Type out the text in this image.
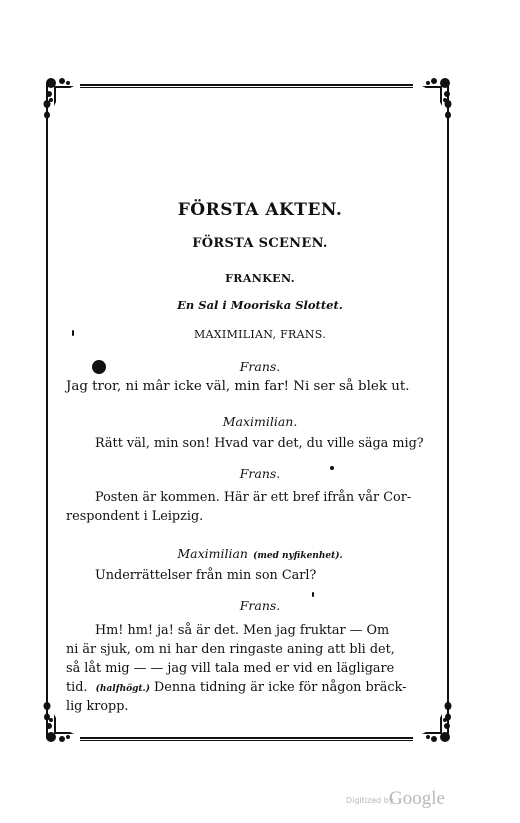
FÖRSTA AKTEN.
FÖRSTA SCENEN.
FRANKEN.
En Sal i Mooriska Slottet.
MAXIMILIAN, FRANS.
Frans.
Jag tror, ni mâr icke väl, min far! Ni ser så blek ut.
Maximilian.
Rätt väl, min son! Hvad var det, du ville säga mig?
Frans.
Posten är kommen. Här är ett bref ifrån vår Cor-
respondent i Leipzig.
Maximilian (med nyfikenhet).
Underrättelser från min son Carl?
Frans.
Hm! hm! ja! så är det. Men jag fruktar — Om
ni är sjuk, om ni har den ringaste aning att bli det,
så låt mig — — jag vill tala med er vid en lägligare
tid. (halfhögt.) Denna tidning är icke för någon bräck-
lig kropp.
Digitized by
Google
